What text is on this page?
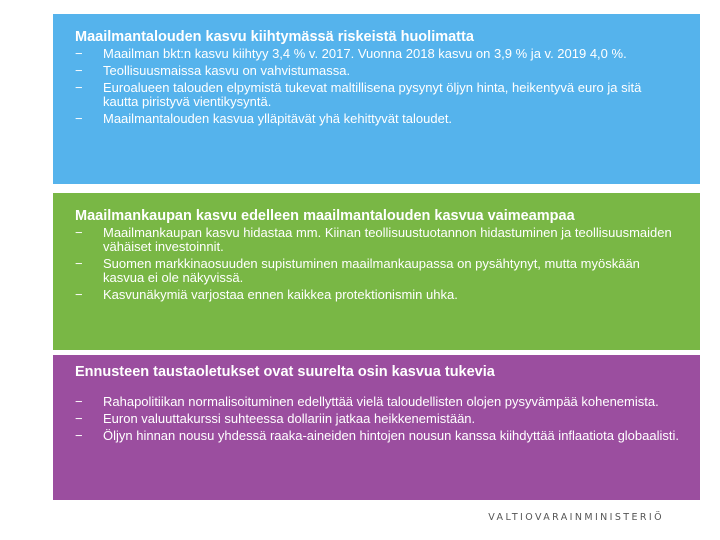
Maailmantalouden kasvu kiihtymässä riskeistä huolimatta
− Maailman bkt:n kasvu kiihtyy 3,4 % v. 2017. Vuonna 2018 kasvu on 3,9 % ja v. 2019 4,0 %.
− Teollisuusmaissa kasvu on vahvistumassa.
− Euroalueen talouden elpymistä tukevat maltillisena pysynyt öljyn hinta, heikentyvä euro ja sitä kautta piristyvä vientikysyntä.
− Maailmantalouden kasvua ylläpitävät yhä kehittyvät taloudet.
Maailmankaupan kasvu edelleen maailmantalouden kasvua vaimeampaa
− Maailmankaupan kasvu hidastaa mm. Kiinan teollisuustuotannon hidastuminen ja teollisuusmaiden vähäiset investoinnit.
− Suomen markkinaosuuden supistuminen maailmankaupassa on pysähtynyt, mutta myöskään kasvua ei ole näkyvissä.
− Kasvunäkymiä varjostaa ennen kaikkea protektionismin uhka.
Ennusteen taustaoletukset ovat suurelta osin kasvua tukevia
− Rahapolitiikan normalisoituminen edellyttää vielä taloudellisten olojen pysyvämpää kohenemista.
− Euron valuuttakurssi suhteessa dollariin jatkaa heikkenemistään.
− Öljyn hinnan nousu yhdessä raaka-aineiden hintojen nousun kanssa kiihdyttää inflaatiota globaalisti.
VALTIOVARAINMINISTERIÖ
